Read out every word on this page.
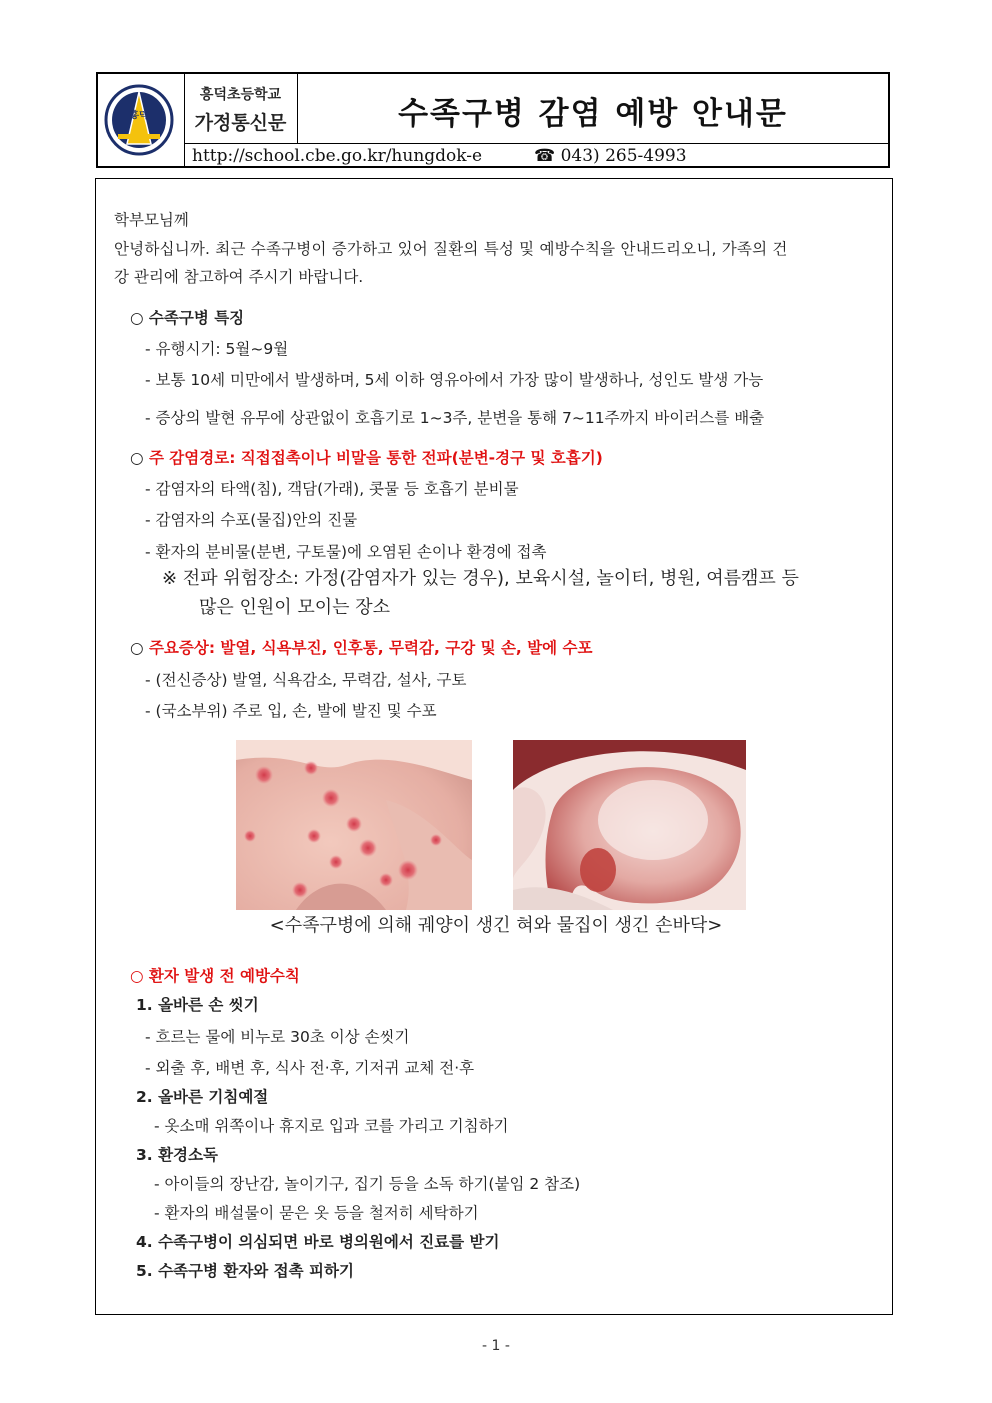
흥덕
흥덕초등학교
가정통신문	수족구병 감염 예방 안내문
http://school.cbe.go.kr/hungdok-e	☎ 043) 265-4993
학부모님께
안녕하십니까. 최근 수족구병이 증가하고 있어 질환의 특성 및 예방수칙을 안내드리오니, 가족의 건
강 관리에 참고하여 주시기 바랍니다.
○ 수족구병 특징
- 유행시기: 5월~9월
- 보통 10세 미만에서 발생하며, 5세 이하 영유아에서 가장 많이 발생하나, 성인도 발생 가능
- 증상의 발현 유무에 상관없이 호흡기로 1~3주, 분변을 통해 7~11주까지 바이러스를 배출
○ 주 감염경로: 직접접촉이나 비말을 통한 전파(분변-경구 및 호흡기)
- 감염자의 타액(침), 객담(가래), 콧물 등 호흡기 분비물
- 감염자의 수포(물집)안의 진물
- 환자의 분비물(분변, 구토물)에 오염된 손이나 환경에 접촉
※ 전파 위험장소: 가정(감염자가 있는 경우), 보육시설, 놀이터, 병원, 여름캠프 등
많은 인원이 모이는 장소
○ 주요증상: 발열, 식욕부진, 인후통, 무력감, 구강 및 손, 발에 수포
- (전신증상) 발열, 식욕감소, 무력감, 설사, 구토
- (국소부위) 주로 입, 손, 발에 발진 및 수포
<수족구병에 의해 궤양이 생긴 혀와 물집이 생긴 손바닥>
○ 환자 발생 전 예방수칙
1. 올바른 손 씻기
- 흐르는 물에 비누로 30초 이상 손씻기
- 외출 후, 배변 후, 식사 전·후, 기저귀 교체 전·후
2. 올바른 기침예절
- 옷소매 위쪽이나 휴지로 입과 코를 가리고 기침하기
3. 환경소독
- 아이들의 장난감, 놀이기구, 집기 등을 소독 하기(붙임 2 참조)
- 환자의 배설물이 묻은 옷 등을 철저히 세탁하기
4. 수족구병이 의심되면 바로 병의원에서 진료를 받기
5. 수족구병 환자와 접촉 피하기
- 1 -
